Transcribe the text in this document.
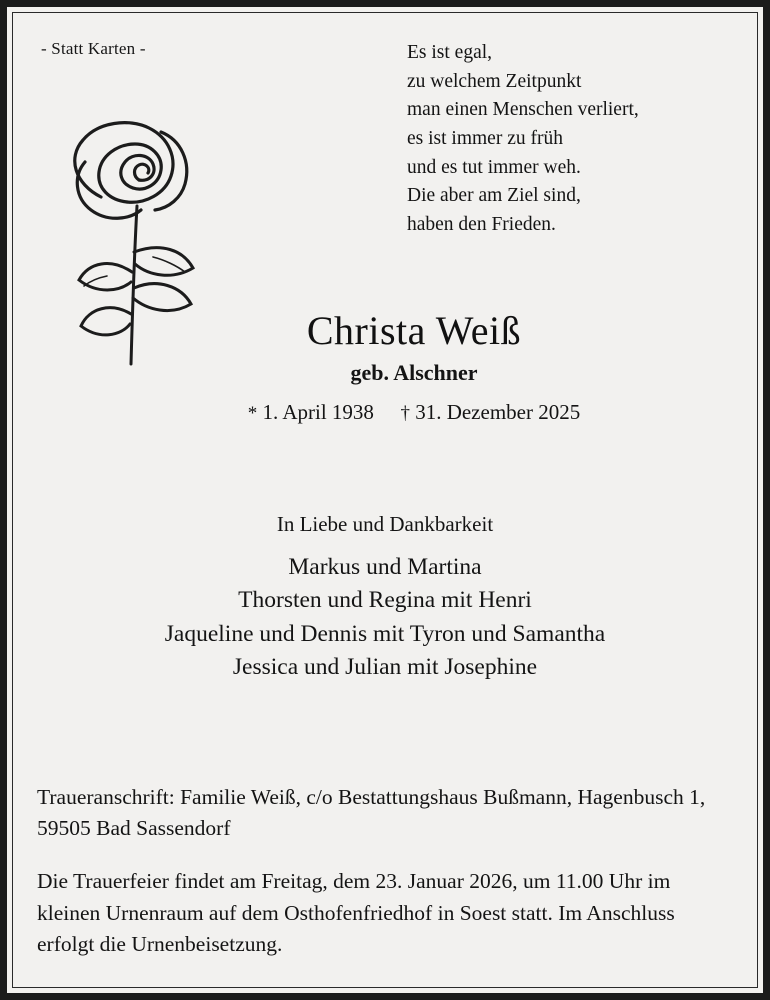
- Statt Karten -	Es ist egal,
zu welchem Zeitpunkt
man einen Menschen verliert,
es ist immer zu früh
und es tut immer weh.
Die aber am Ziel sind,
haben den Frieden.
Christa Weiß
geb. Alschner
* 1. April 1938 † 31. Dezember 2025
In Liebe und Dankbarkeit
Markus und Martina
Thorsten und Regina mit Henri
Jaqueline und Dennis mit Tyron und Samantha
Jessica und Julian mit Josephine
Traueranschrift: Familie Weiß, c/o Bestattungshaus Bußmann, Hagenbusch 1, 59505 Bad Sassendorf
Die Trauerfeier findet am Freitag, dem 23. Januar 2026, um 11.00 Uhr im kleinen Urnenraum auf dem Osthofenfriedhof in Soest statt. Im Anschluss erfolgt die Urnenbeisetzung.
